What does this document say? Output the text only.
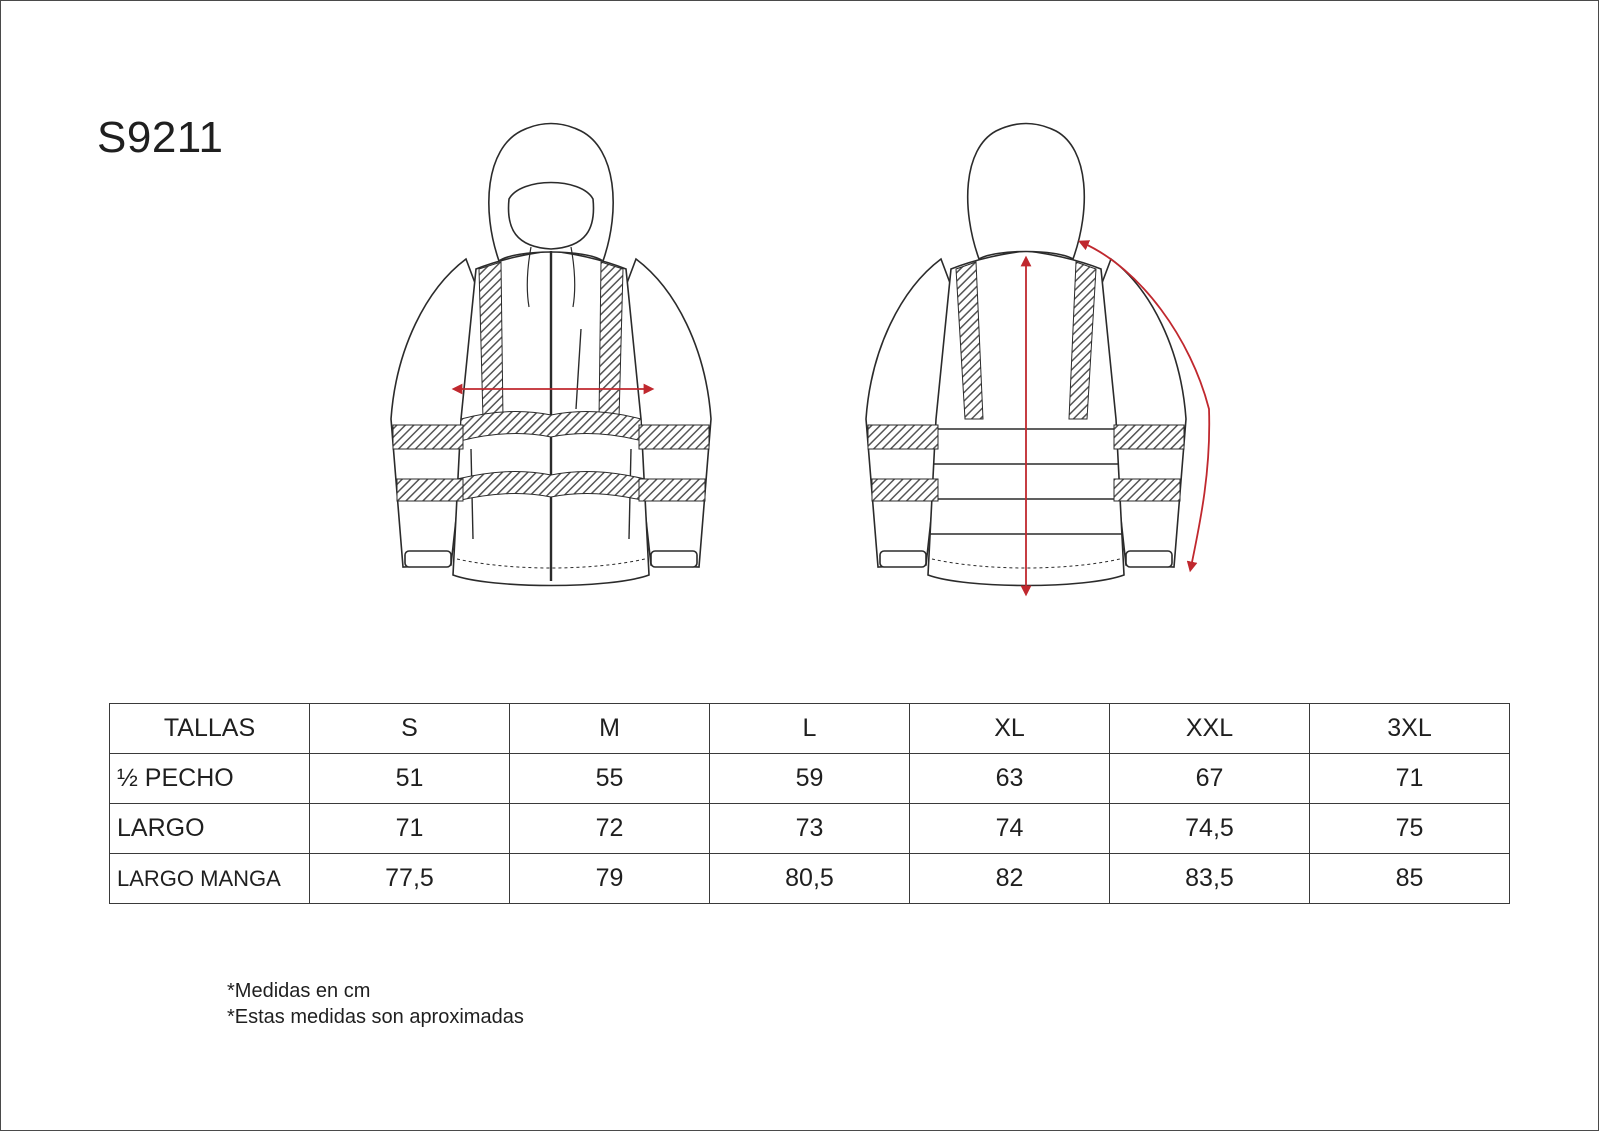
S9211
TALLAS	S	M	L	XL	XXL	3XL
½ PECHO	51	55	59	63	67	71
LARGO	71	72	73	74	74,5	75
LARGO MANGA	77,5	79	80,5	82	83,5	85
*Medidas en cm
*Estas medidas son aproximadas
